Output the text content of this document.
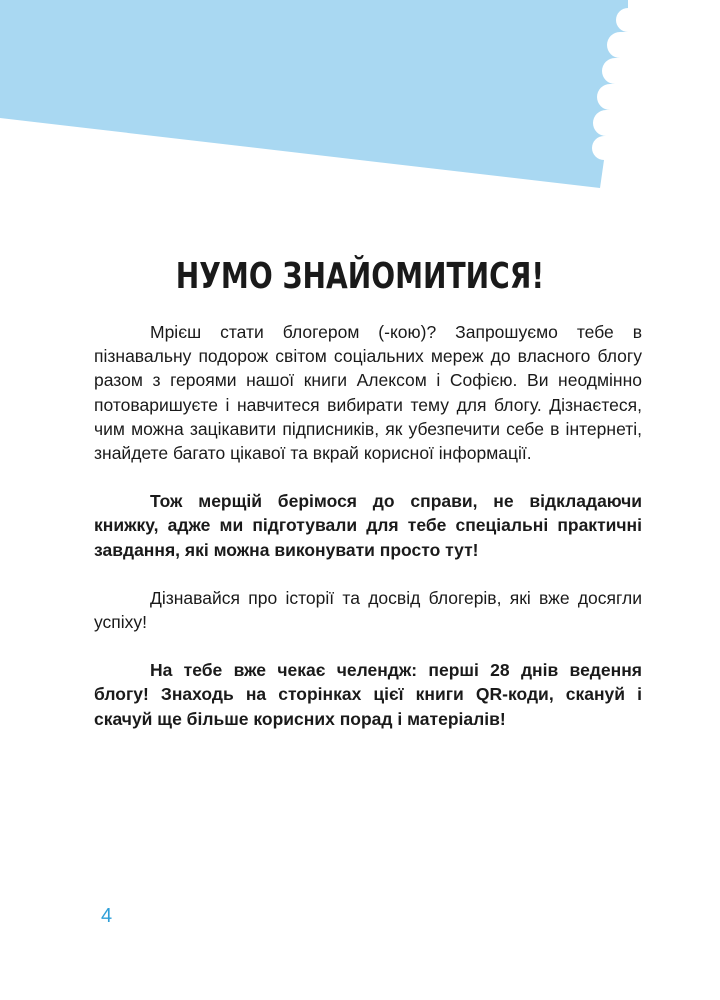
НУМО ЗНАЙОМИТИСЯ!

Мрієш стати блогером (-кою)? Запрошуємо тебе в пізнавальну подорож світом соціальних мереж до власного блогу разом з героями нашої книги Алексом і Софією. Ви неодмінно потоваришуєте і навчитеся вибирати тему для блогу. Дізнаєтеся, чим можна зацікавити підписників, як убезпечити себе в інтернеті, знайдете багато цікавої та вкрай корисної інформації.

Тож мерщій берімося до справи, не відкладаючи книжку, адже ми підготували для тебе спеціальні практичні завдання, які можна виконувати просто тут!

Дізнавайся про історії та досвід блогерів, які вже досягли успіху!

На тебе вже чекає челендж: перші 28 днів ведення блогу! Знаходь на сторінках цієї книги QR-коди, скануй і скачуй ще більше корисних порад і матеріалів!

4
